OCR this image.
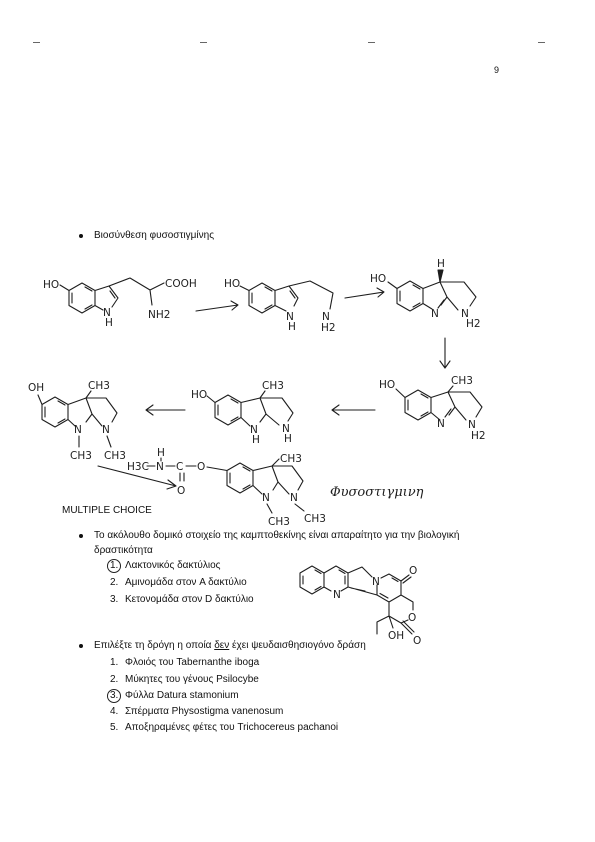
9
Βιοσύνθεση φυσοστιγμίνης
HO	COOH
NH2
N
H
HO
N
H
N
H2
HO
H
N N
H2
HO	CH3
N N
H2
HO
CH3
N
H
N
H
OH	CH3
N N
CH3 CH3
H3C N
H
C
O
O
CH3
N N
CH3 CH3
Φυσοστιγμινη
N
N
O
O
OH O
MULTIPLE CHOICE
Το ακόλουθο δομικό στοιχείο της καμπτοθεκίνης είναι απαραίτητο για την βιολογική
δραστικότητα
1. Λακτονικός δακτύλιος
2. Αμινομάδα στον A δακτύλιο
3. Κετονομάδα στον D δακτύλιο
Επιλέξτε τη δρόγη η οποία δεν έχει ψευδαισθησιογόνο δράση
1. Φλοιός του Tabernanthe iboga
2. Μύκητες του γένους Psilocybe
3. Φύλλα Datura stamonium
4. Σπέρματα Physostigma vanenosum
5. Αποξηραμένες φέτες του Trichocereus pachanoi
